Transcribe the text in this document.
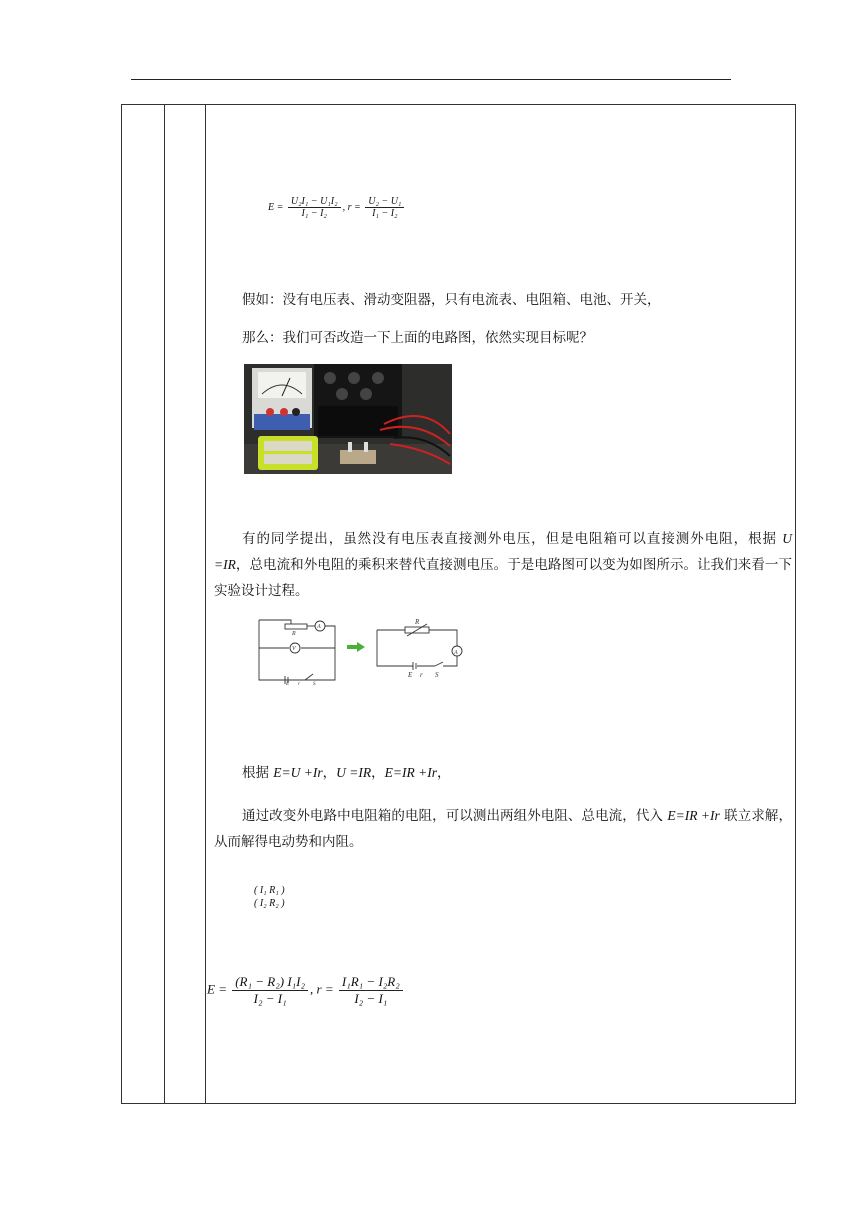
$E = \frac{\text{U₂I₁ − U₁I₂}}{\text{I₁ − I₂}}$ , $r = \frac{\text{U₂ − U₁}}{\text{I₁ − I₂}}$

假如：没有电压表、滑动变阻器，只有电流表、电阻箱、电池、开关，

那么：我们可否改造一下上面的电路图，依然实现目标呢？

有的同学提出，虽然没有电压表直接测外电压，但是电阻箱可以直接测外电阻，根据 U =IR，总电流和外电阻的乘积来替代直接测电压。于是电路图可以变为如图所示。让我们来看一下实验设计过程。

A
V
R
E r	S
R
A
E r S

根据 E=U +Ir，U =IR，E=IR +Ir，

通过改变外电路中电阻箱的电阻，可以测出两组外电阻、总电流，代入 E=IR +Ir 联立求解，从而解得电动势和内阻。

( I₁ R₁ )
( I₂ R₂ )
$E = \frac{\text{(R₁ − R₂) I₁I₂}}{\text{I₂ − I₁}}$ , $r = \frac{\text{I₁R₁ − I₂R₂}}{\text{I₂ − I₁}}$
